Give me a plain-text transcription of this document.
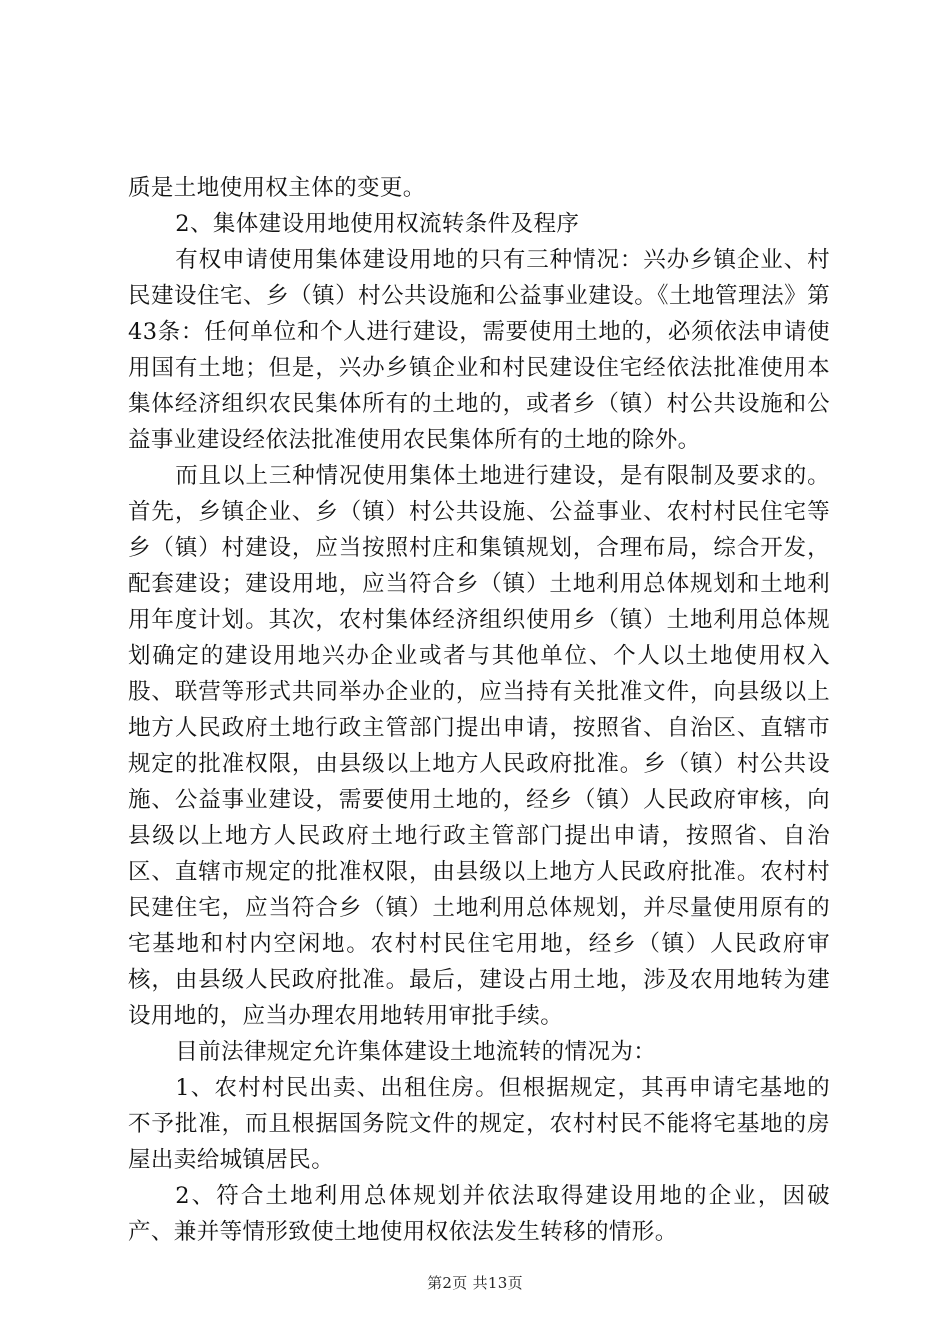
质是土地使用权主体的变更。

2、集体建设用地使用权流转条件及程序

有权申请使用集体建设用地的只有三种情况：兴办乡镇企业、村民建设住宅、乡（镇）村公共设施和公益事业建设。《土地管理法》第43条：任何单位和个人进行建设，需要使用土地的，必须依法申请使用国有土地；但是，兴办乡镇企业和村民建设住宅经依法批准使用本集体经济组织农民集体所有的土地的，或者乡（镇）村公共设施和公益事业建设经依法批准使用农民集体所有的土地的除外。

而且以上三种情况使用集体土地进行建设，是有限制及要求的。首先，乡镇企业、乡（镇）村公共设施、公益事业、农村村民住宅等乡（镇）村建设，应当按照村庄和集镇规划，合理布局，综合开发，配套建设；建设用地，应当符合乡（镇）土地利用总体规划和土地利用年度计划。其次，农村集体经济组织使用乡（镇）土地利用总体规划确定的建设用地兴办企业或者与其他单位、个人以土地使用权入股、联营等形式共同举办企业的，应当持有关批准文件，向县级以上地方人民政府土地行政主管部门提出申请，按照省、自治区、直辖市规定的批准权限，由县级以上地方人民政府批准。乡（镇）村公共设施、公益事业建设，需要使用土地的，经乡（镇）人民政府审核，向县级以上地方人民政府土地行政主管部门提出申请，按照省、自治区、直辖市规定的批准权限，由县级以上地方人民政府批准。农村村民建住宅，应当符合乡（镇）土地利用总体规划，并尽量使用原有的宅基地和村内空闲地。农村村民住宅用地，经乡（镇）人民政府审核，由县级人民政府批准。最后，建设占用土地，涉及农用地转为建设用地的，应当办理农用地转用审批手续。

目前法律规定允许集体建设土地流转的情况为：

1、农村村民出卖、出租住房。但根据规定，其再申请宅基地的不予批准，而且根据国务院文件的规定，农村村民不能将宅基地的房屋出卖给城镇居民。

2、符合土地利用总体规划并依法取得建设用地的企业，因破产、兼并等情形致使土地使用权依法发生转移的情形。

第2页 共13页
